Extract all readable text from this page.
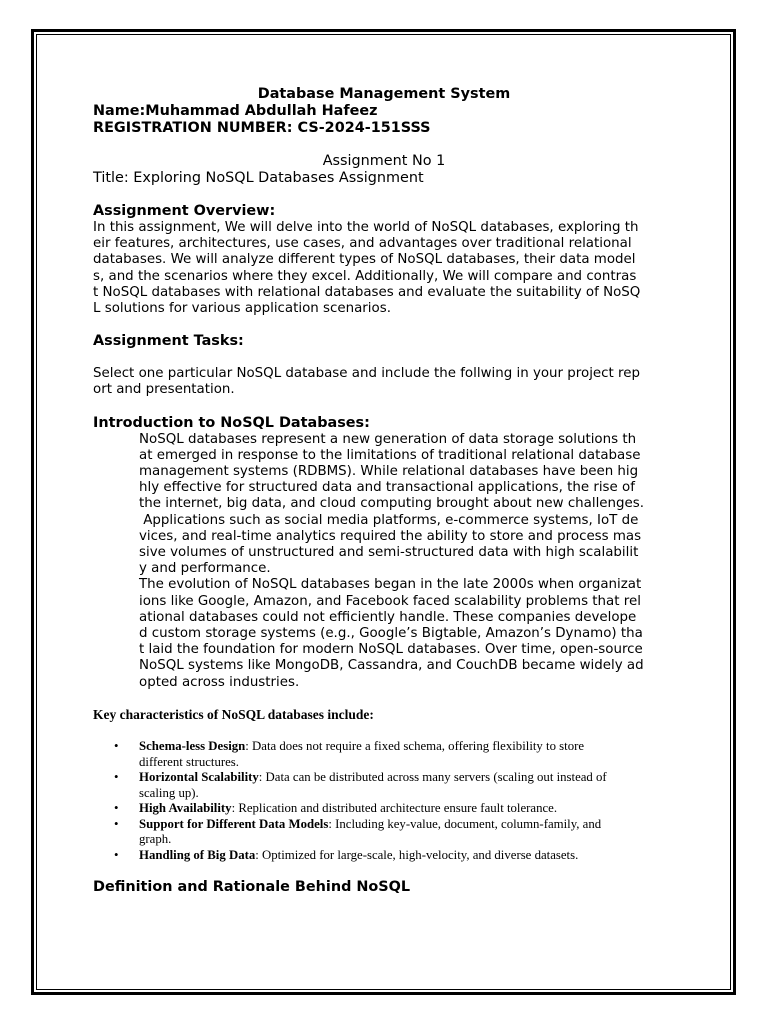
Database Management System
Name:Muhammad Abdullah Hafeez
REGISTRATION NUMBER: CS-2024-151SSS
Assignment No 1
Title: Exploring NoSQL Databases Assignment
Assignment Overview:
In this assignment, We will delve into the world of NoSQL databases, exploring th
eir features, architectures, use cases, and advantages over traditional relational
databases. We will analyze different types of NoSQL databases, their data model
s, and the scenarios where they excel. Additionally, We will compare and contras
t NoSQL databases with relational databases and evaluate the suitability of NoSQ
L solutions for various application scenarios.
Assignment Tasks:
Select one particular NoSQL database and include the follwing in your project rep
ort and presentation.
Introduction to NoSQL Databases:
NoSQL databases represent a new generation of data storage solutions th
at emerged in response to the limitations of traditional relational database
management systems (RDBMS). While relational databases have been hig
hly effective for structured data and transactional applications, the rise of
the internet, big data, and cloud computing brought about new challenges.
Applications such as social media platforms, e-commerce systems, IoT de
vices, and real-time analytics required the ability to store and process mas
sive volumes of unstructured and semi-structured data with high scalabilit
y and performance.
The evolution of NoSQL databases began in the late 2000s when organizat
ions like Google, Amazon, and Facebook faced scalability problems that rel
ational databases could not efficiently handle. These companies develope
d custom storage systems (e.g., Google’s Bigtable, Amazon’s Dynamo) tha
t laid the foundation for modern NoSQL databases. Over time, open-source
NoSQL systems like MongoDB, Cassandra, and CouchDB became widely ad
opted across industries.
Key characteristics of NoSQL databases include:
• Schema-less Design: Data does not require a fixed schema, offering flexibility to store
different structures.
• Horizontal Scalability: Data can be distributed across many servers (scaling out instead of
scaling up).
• High Availability: Replication and distributed architecture ensure fault tolerance.
• Support for Different Data Models: Including key-value, document, column-family, and
graph.
• Handling of Big Data: Optimized for large-scale, high-velocity, and diverse datasets.
Definition and Rationale Behind NoSQL
